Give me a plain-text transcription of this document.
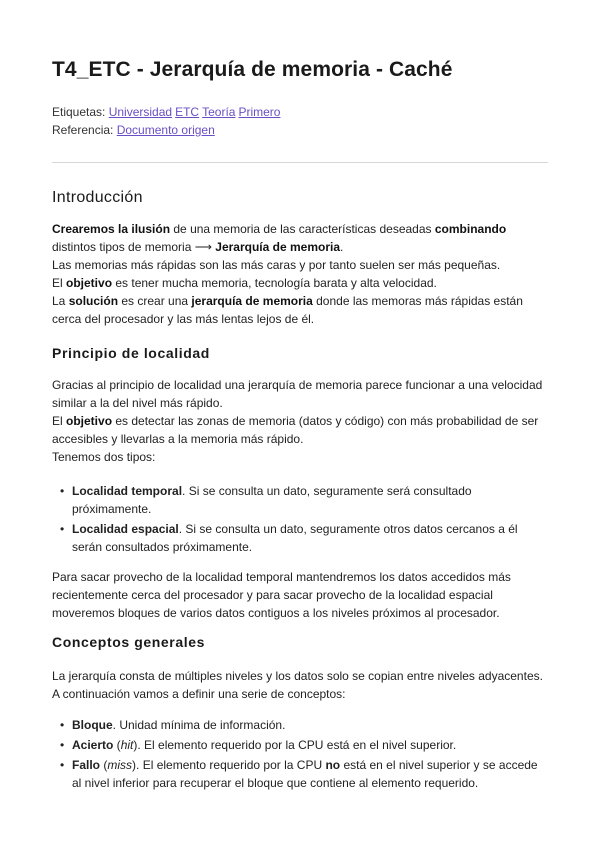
T4_ETC - Jerarquía de memoria - Caché
Etiquetas: Universidad ETC Teoría Primero
Referencia: Documento origen
Introducción

Crearemos la ilusión de una memoria de las características deseadas combinando distintos tipos de memoria ⟶ Jerarquía de memoria.
Las memorias más rápidas son las más caras y por tanto suelen ser más pequeñas.
El objetivo es tener mucha memoria, tecnología barata y alta velocidad.
La solución es crear una jerarquía de memoria donde las memoras más rápidas están cerca del procesador y las más lentas lejos de él.

Principio de localidad

Gracias al principio de localidad una jerarquía de memoria parece funcionar a una velocidad similar a la del nivel más rápido.
El objetivo es detectar las zonas de memoria (datos y código) con más probabilidad de ser accesibles y llevarlas a la memoria más rápido.
Tenemos dos tipos:

• Localidad temporal. Si se consulta un dato, seguramente será consultado próximamente.
• Localidad espacial. Si se consulta un dato, seguramente otros datos cercanos a él serán consultados próximamente.

Para sacar provecho de la localidad temporal mantendremos los datos accedidos más recientemente cerca del procesador y para sacar provecho de la localidad espacial moveremos bloques de varios datos contiguos a los niveles próximos al procesador.

Conceptos generales

La jerarquía consta de múltiples niveles y los datos solo se copian entre niveles adyacentes.
A continuación vamos a definir una serie de conceptos:

• Bloque. Unidad mínima de información.
• Acierto (hit). El elemento requerido por la CPU está en el nivel superior.
• Fallo (miss). El elemento requerido por la CPU no está en el nivel superior y se accede al nivel inferior para recuperar el bloque que contiene al elemento requerido.
